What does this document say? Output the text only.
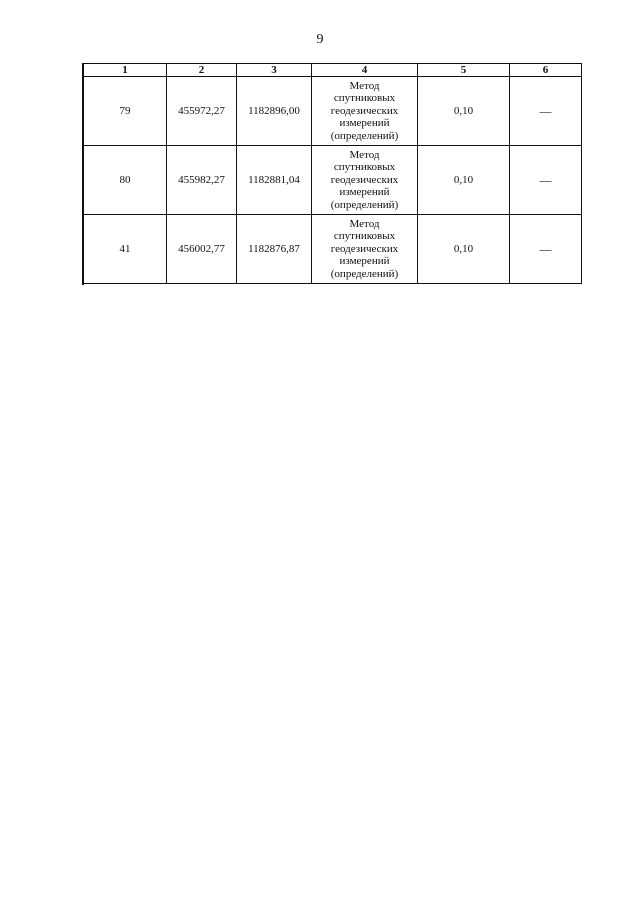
9
1	2	3	4	5	6
79	455972,27	1182896,00	Метод
спутниковых
геодезических
измерений
(определений)	0,10	—
80	455982,27	1182881,04	Метод
спутниковых
геодезических
измерений
(определений)	0,10	—
41	456002,77	1182876,87	Метод
спутниковых
геодезических
измерений
(определений)	0,10	—
